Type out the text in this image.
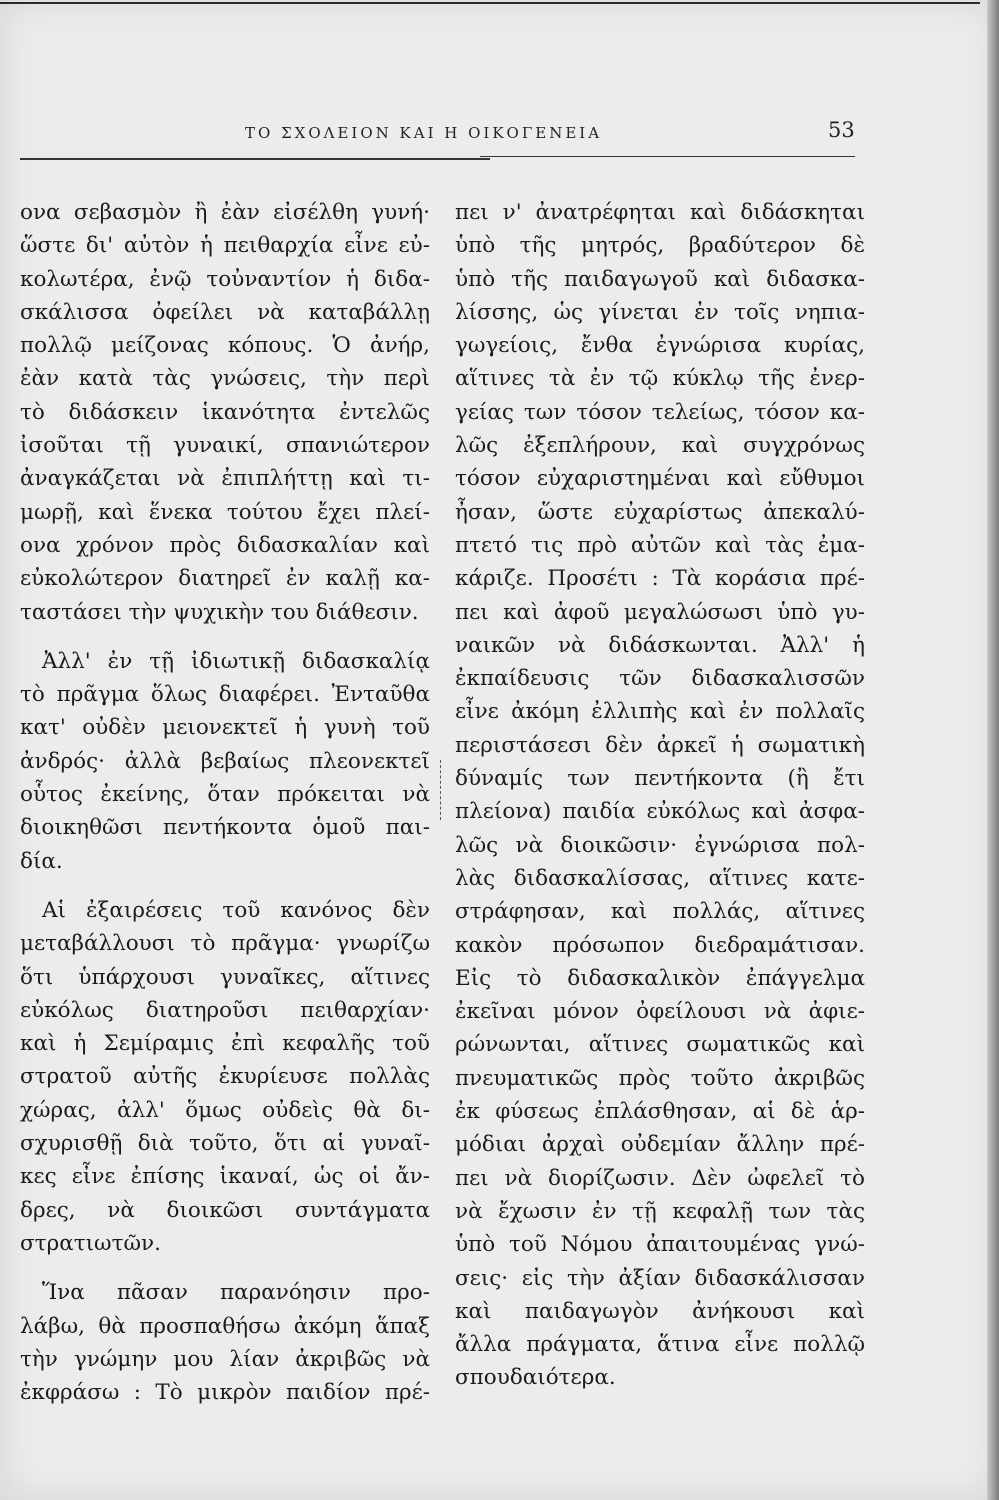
ΤΟ ΣΧΟΛΕΙΟΝ ΚΑΙ Η ΟΙΚΟΓΕΝΕΙΑ	53
ονα σεβασμὸν ἢ ἐὰν εἰσέλθη γυνή·
ὥστε δι' αὐτὸν ἡ πειθαρχία εἶνε εὐ-
κολωτέρα, ἐνῷ τοὐναντίον ἡ διδα-
σκάλισσα ὀφείλει νὰ καταβάλλῃ
πολλῷ μείζονας κόπους. Ὁ ἀνήρ,
ἐὰν κατὰ τὰς γνώσεις, τὴν περὶ
τὸ διδάσκειν ἱκανότητα ἐντελῶς
ἰσοῦται τῇ γυναικί, σπανιώτερον
ἀναγκάζεται νὰ ἐπιπλήττῃ καὶ τι-
μωρῇ, καὶ ἕνεκα τούτου ἔχει πλεί-
ονα χρόνον πρὸς διδασκαλίαν καὶ
εὐκολώτερον διατηρεῖ ἐν καλῇ κα-
ταστάσει τὴν ψυχικὴν του διάθεσιν.
Ἀλλ' ἐν τῇ ἰδιωτικῇ διδασκαλίᾳ
τὸ πρᾶγμα ὅλως διαφέρει. Ἐνταῦθα
κατ' οὐδὲν μειονεκτεῖ ἡ γυνὴ τοῦ
ἀνδρός· ἀλλὰ βεβαίως πλεονεκτεῖ
οὗτος ἐκείνης, ὅταν πρόκειται νὰ
διοικηθῶσι πεντήκοντα ὁμοῦ παι-
δία.
Αἱ ἐξαιρέσεις τοῦ κανόνος δὲν
μεταβάλλουσι τὸ πρᾶγμα· γνωρίζω
ὅτι ὑπάρχουσι γυναῖκες, αἵτινες
εὐκόλως διατηροῦσι πειθαρχίαν·
καὶ ἡ Σεμίραμις ἐπὶ κεφαλῆς τοῦ
στρατοῦ αὐτῆς ἐκυρίευσε πολλὰς
χώρας, ἀλλ' ὅμως οὐδεὶς θὰ δι-
σχυρισθῇ διὰ τοῦτο, ὅτι αἱ γυναῖ-
κες εἶνε ἐπίσης ἱκαναί, ὡς οἱ ἄν-
δρες, νὰ διοικῶσι συντάγματα
στρατιωτῶν.
Ἵνα πᾶσαν παρανόησιν προ-
λάβω, θὰ προσπαθήσω ἀκόμη ἅπαξ
τὴν γνώμην μου λίαν ἀκριβῶς νὰ
ἐκφράσω : Τὸ μικρὸν παιδίον πρέ-
πει ν' ἀνατρέφηται καὶ διδάσκηται
ὑπὸ τῆς μητρός, βραδύτερον δὲ
ὑπὸ τῆς παιδαγωγοῦ καὶ διδασκα-
λίσσης, ὡς γίνεται ἐν τοῖς νηπια-
γωγείοις, ἔνθα ἐγνώρισα κυρίας,
αἵτινες τὰ ἐν τῷ κύκλῳ τῆς ἐνερ-
γείας των τόσον τελείως, τόσον κα-
λῶς ἐξεπλήρουν, καὶ συγχρόνως
τόσον εὐχαριστημέναι καὶ εὔθυμοι
ἦσαν, ὥστε εὐχαρίστως ἀπεκαλύ-
πτετό τις πρὸ αὐτῶν καὶ τὰς ἐμα-
κάριζε. Προσέτι : Τὰ κοράσια πρέ-
πει καὶ ἀφοῦ μεγαλώσωσι ὑπὸ γυ-
ναικῶν νὰ διδάσκωνται. Ἀλλ' ἡ
ἐκπαίδευσις τῶν διδασκαλισσῶν
εἶνε ἀκόμη ἐλλιπὴς καὶ ἐν πολλαῖς
περιστάσεσι δὲν ἀρκεῖ ἡ σωματικὴ
δύναμίς των πεντήκοντα (ἢ ἔτι
πλείονα) παιδία εὐκόλως καὶ ἀσφα-
λῶς νὰ διοικῶσιν· ἐγνώρισα πολ-
λὰς διδασκαλίσσας, αἵτινες κατε-
στράφησαν, καὶ πολλάς, αἵτινες
κακὸν πρόσωπον διεδραμάτισαν.
Εἰς τὸ διδασκαλικὸν ἐπάγγελμα
ἐκεῖναι μόνον ὀφείλουσι νὰ ἀφιε-
ρώνωνται, αἵτινες σωματικῶς καὶ
πνευματικῶς πρὸς τοῦτο ἀκριβῶς
ἐκ φύσεως ἐπλάσθησαν, αἱ δὲ ἁρ-
μόδιαι ἀρχαὶ οὐδεμίαν ἄλλην πρέ-
πει νὰ διορίζωσιν. Δὲν ὠφελεῖ τὸ
νὰ ἔχωσιν ἐν τῇ κεφαλῇ των τὰς
ὑπὸ τοῦ Νόμου ἀπαιτουμένας γνώ-
σεις· εἰς τὴν ἀξίαν διδασκάλισσαν
καὶ παιδαγωγὸν ἀνήκουσι καὶ
ἄλλα πράγματα, ἅτινα εἶνε πολλῷ
σπουδαιότερα.
